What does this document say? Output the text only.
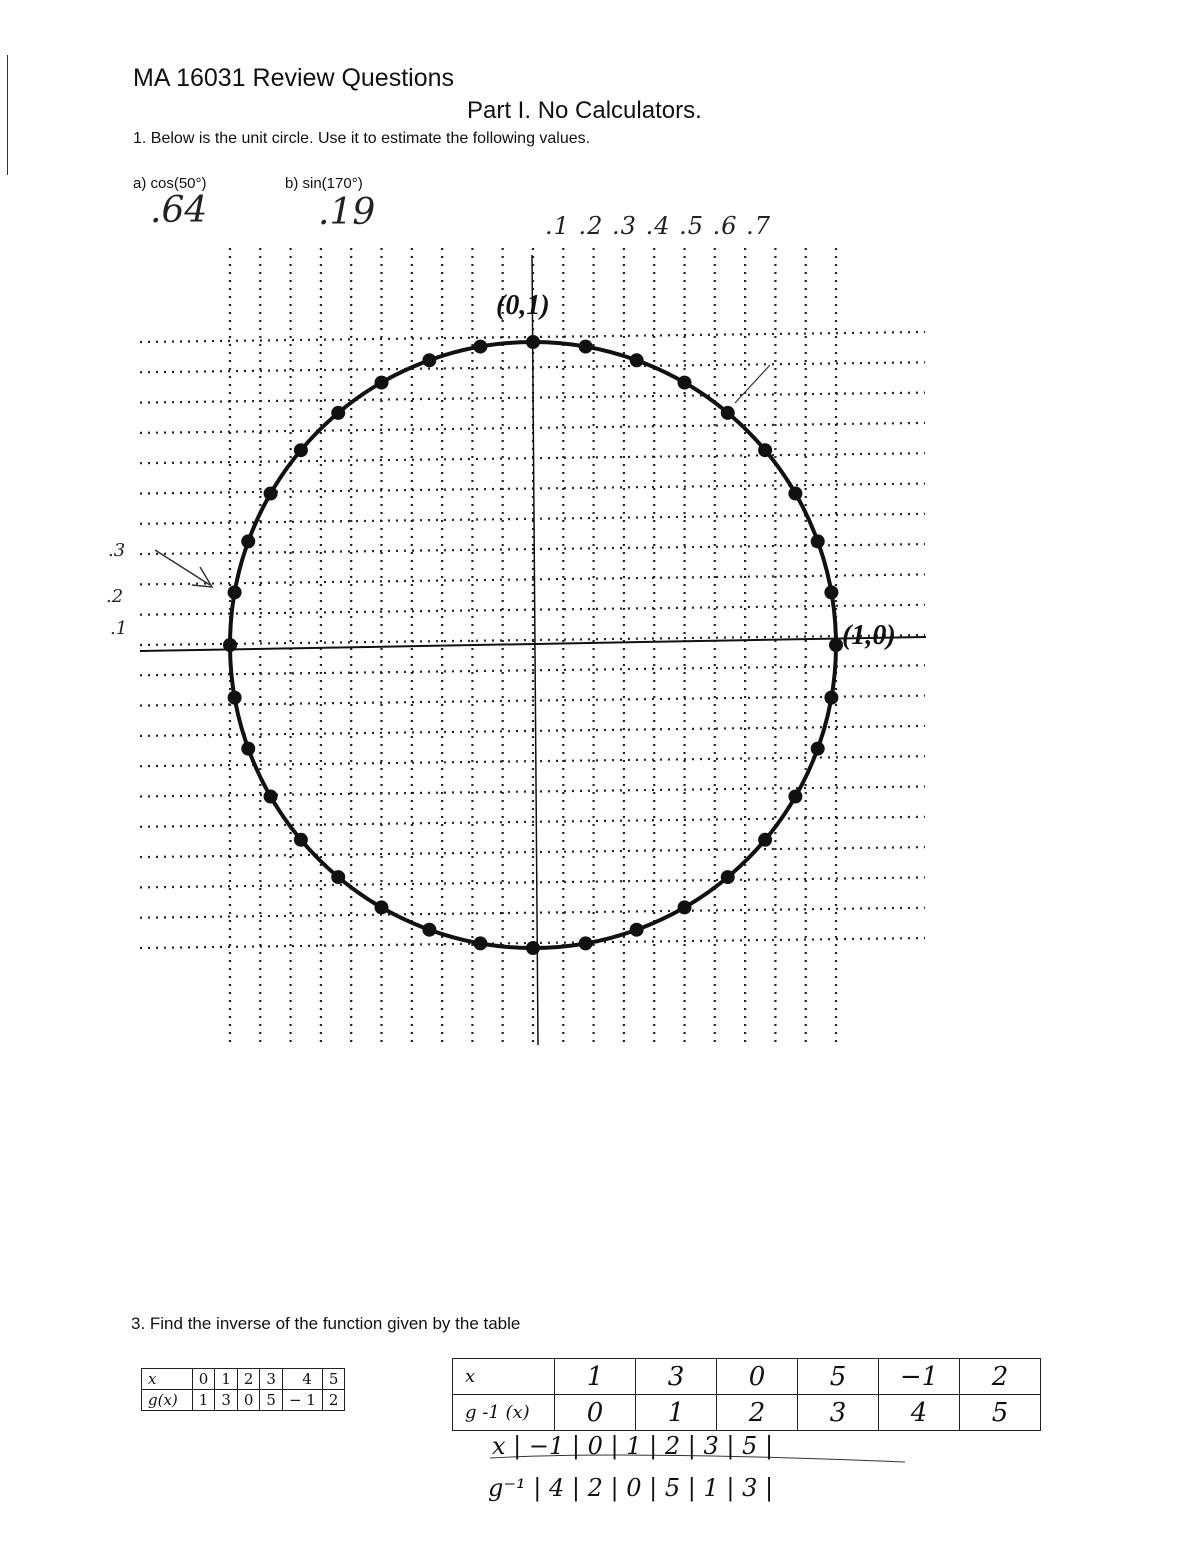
MA 16031 Review Questions
Part I. No Calculators.
1. Below is the unit circle. Use it to estimate the following values.
a) cos(50°)	b) sin(170°)
.64	.19	.1 .2 .3 .4 .5 .6 .7
.3
.2
.1
(0,1)
(1,0)
3. Find the inverse of the function given by the table
x	0	1	2	3	4	5
g(x)	1	3	0	5	− 1	2
x	1	3	0	5	−1	2
g -1 (x)	0	1	2	3	4	5
x | −1 | 0 | 1 | 2 | 3 | 5 |
g⁻¹ | 4 | 2 | 0 | 5 | 1 | 3 |
